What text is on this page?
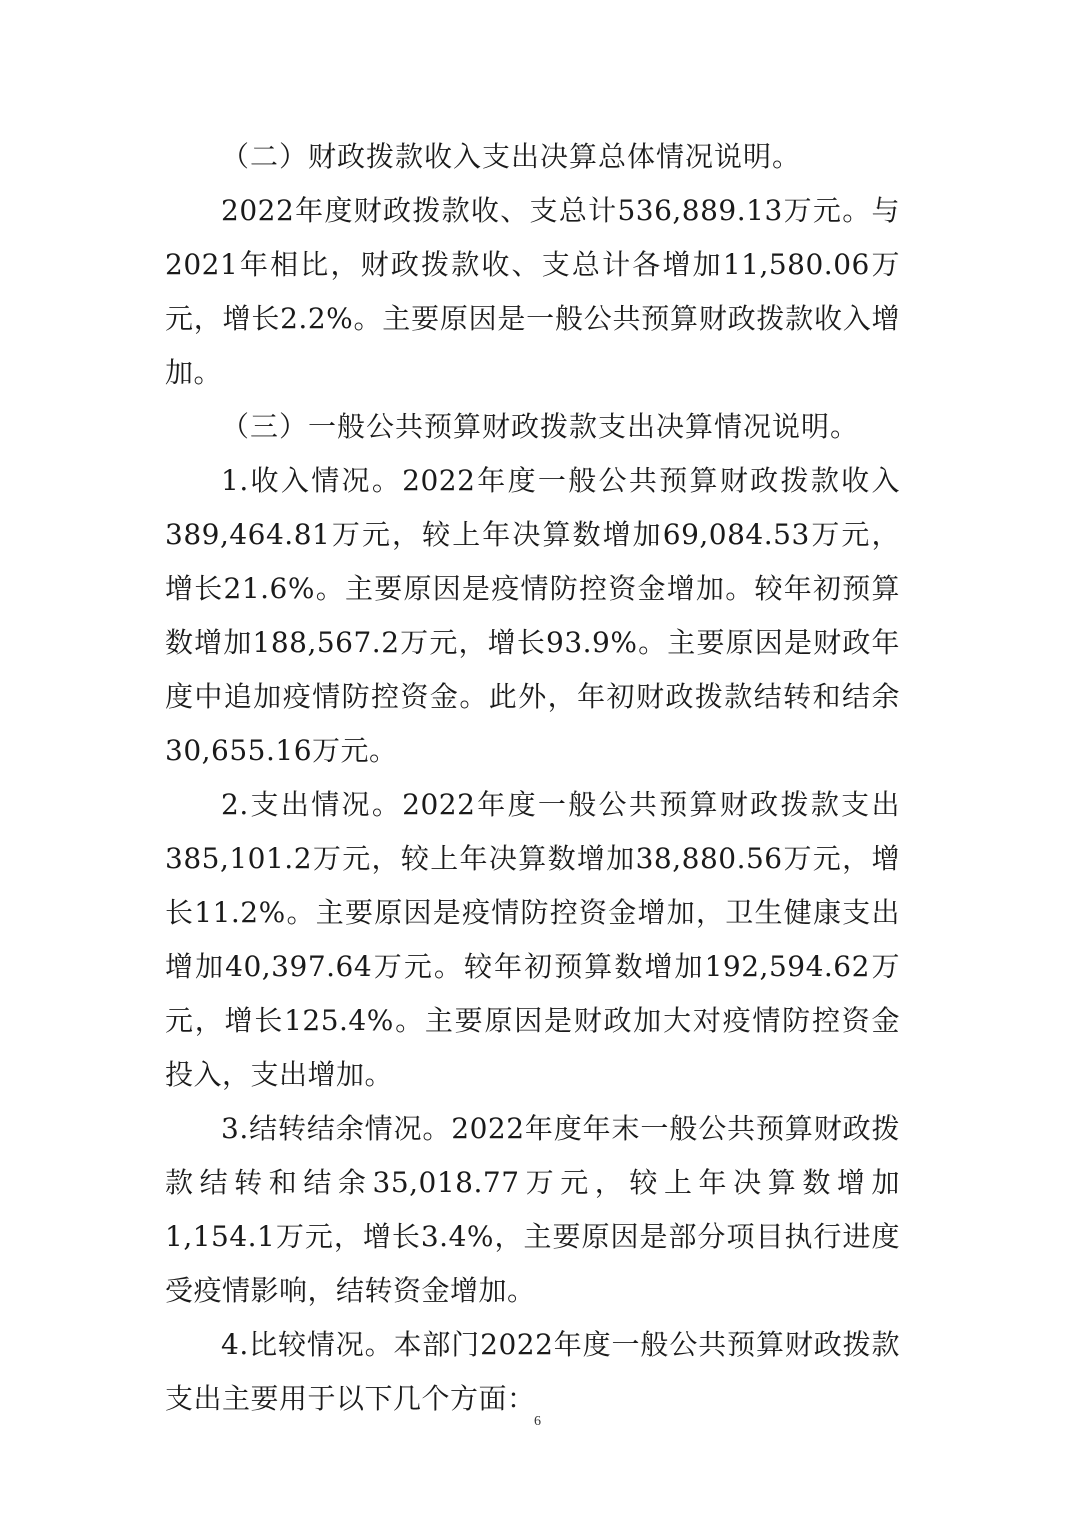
（二）财政拨款收入支出决算总体情况说明。

2022年度财政拨款收、支总计536,889.13万元。与2021年相比，财政拨款收、支总计各增加11,580.06万元，增长2.2%。主要原因是一般公共预算财政拨款收入增加。

（三）一般公共预算财政拨款支出决算情况说明。

1.收入情况。2022年度一般公共预算财政拨款收入389,464.81万元，较上年决算数增加69,084.53万元，增长21.6%。主要原因是疫情防控资金增加。较年初预算数增加188,567.2万元，增长93.9%。主要原因是财政年度中追加疫情防控资金。此外，年初财政拨款结转和结余30,655.16万元。

2.支出情况。2022年度一般公共预算财政拨款支出385,101.2万元，较上年决算数增加38,880.56万元，增长11.2%。主要原因是疫情防控资金增加，卫生健康支出增加40,397.64万元。较年初预算数增加192,594.62万元，增长125.4%。主要原因是财政加大对疫情防控资金投入，支出增加。

3.结转结余情况。2022年度年末一般公共预算财政拨款结转和结余35,018.77万元，较上年决算数增加1,154.1万元，增长3.4%，主要原因是部分项目执行进度受疫情影响，结转资金增加。

4.比较情况。本部门2022年度一般公共预算财政拨款支出主要用于以下几个方面：

6
